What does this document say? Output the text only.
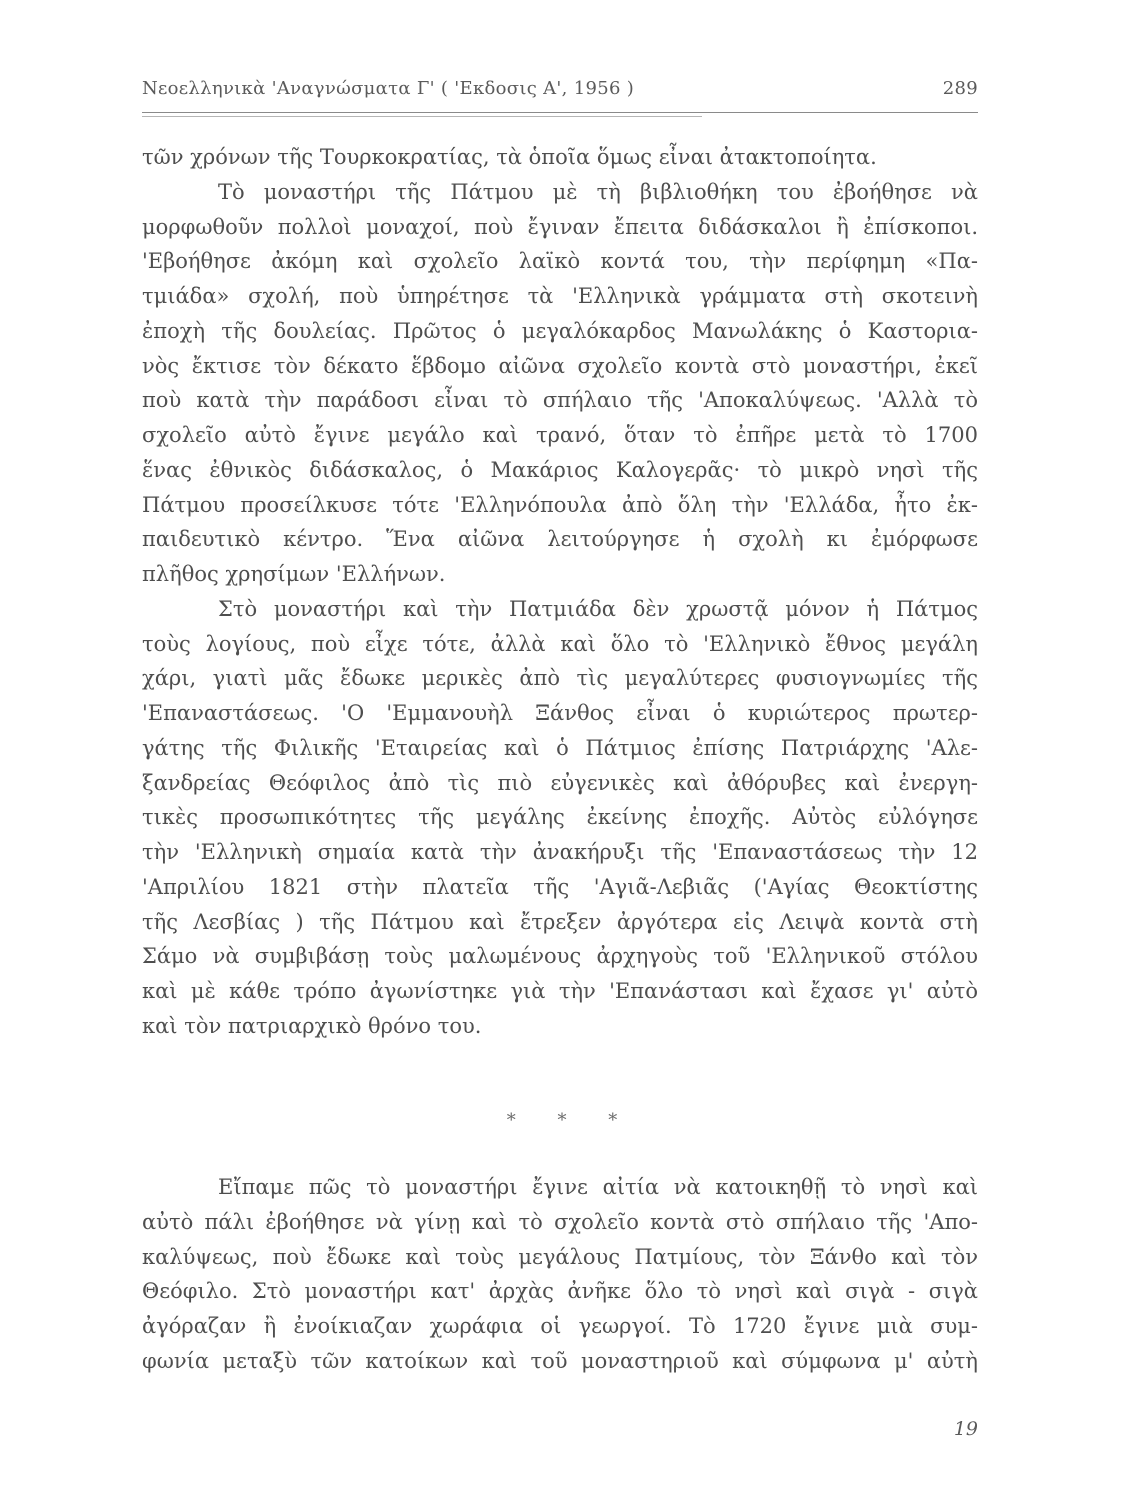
Νεοελληνικὰ 'Αναγνώσματα Γ' ( 'Εκδοσις Α', 1956 )	289
τῶν χρόνων τῆς Τουρκοκρατίας, τὰ ὁποῖα ὅμως εἶναι ἀτακτοποίητα.
Τὸ μοναστήρι τῆς Πάτμου μὲ τὴ βιβλιοθήκη του ἐβοήθησε νὰ
μορφωθοῦν πολλοὶ μοναχοί, ποὺ ἔγιναν ἔπειτα διδάσκαλοι ἢ ἐπίσκοποι.
'Εβοήθησε ἀκόμη καὶ σχολεῖο λαϊκὸ κοντά του, τὴν περίφημη «Πα-
τμιάδα» σχολή, ποὺ ὑπηρέτησε τὰ 'Ελληνικὰ γράμματα στὴ σκοτεινὴ
ἐποχὴ τῆς δουλείας. Πρῶτος ὁ μεγαλόκαρδος Μανωλάκης ὁ Καστορια-
νὸς ἔκτισε τὸν δέκατο ἕβδομο αἰῶνα σχολεῖο κοντὰ στὸ μοναστήρι, ἐκεῖ
ποὺ κατὰ τὴν παράδοσι εἶναι τὸ σπήλαιο τῆς 'Αποκαλύψεως. 'Αλλὰ τὸ
σχολεῖο αὐτὸ ἔγινε μεγάλο καὶ τρανό, ὅταν τὸ ἐπῆρε μετὰ τὸ 1700
ἕνας ἐθνικὸς διδάσκαλος, ὁ Μακάριος Καλογερᾶς· τὸ μικρὸ νησὶ τῆς
Πάτμου προσείλκυσε τότε 'Ελληνόπουλα ἀπὸ ὅλη τὴν 'Ελλάδα, ἦτο ἐκ-
παιδευτικὸ κέντρο. Ἕνα αἰῶνα λειτούργησε ἡ σχολὴ κι ἐμόρφωσε
πλῆθος χρησίμων 'Ελλήνων.
Στὸ μοναστήρι καὶ τὴν Πατμιάδα δὲν χρωστᾷ μόνον ἡ Πάτμος
τοὺς λογίους, ποὺ εἶχε τότε, ἀλλὰ καὶ ὅλο τὸ 'Ελληνικὸ ἔθνος μεγάλη
χάρι, γιατὶ μᾶς ἔδωκε μερικὲς ἀπὸ τὶς μεγαλύτερες φυσιογνωμίες τῆς
'Επαναστάσεως. 'Ο 'Εμμανουὴλ Ξάνθος εἶναι ὁ κυριώτερος πρωτερ-
γάτης τῆς Φιλικῆς 'Εταιρείας καὶ ὁ Πάτμιος ἐπίσης Πατριάρχης 'Αλε-
ξανδρείας Θεόφιλος ἀπὸ τὶς πιὸ εὐγενικὲς καὶ ἀθόρυβες καὶ ἐνεργη-
τικὲς προσωπικότητες τῆς μεγάλης ἐκείνης ἐποχῆς. Αὐτὸς εὐλόγησε
τὴν 'Ελληνικὴ σημαία κατὰ τὴν ἀνακήρυξι τῆς 'Επαναστάσεως τὴν 12
'Απριλίου 1821 στὴν πλατεῖα τῆς 'Αγιᾶ-Λεβιᾶς ('Αγίας Θεοκτίστης
τῆς Λεσβίας ) τῆς Πάτμου καὶ ἔτρεξεν ἀργότερα εἰς Λειψὰ κοντὰ στὴ
Σάμο νὰ συμβιβάσῃ τοὺς μαλωμένους ἀρχηγοὺς τοῦ 'Ελληνικοῦ στόλου
καὶ μὲ κάθε τρόπο ἀγωνίστηκε γιὰ τὴν 'Επανάστασι καὶ ἔχασε γι' αὐτὸ
καὶ τὸν πατριαρχικὸ θρόνο του.
* * *
Εἴπαμε πῶς τὸ μοναστήρι ἔγινε αἰτία νὰ κατοικηθῇ τὸ νησὶ καὶ
αὐτὸ πάλι ἐβοήθησε νὰ γίνῃ καὶ τὸ σχολεῖο κοντὰ στὸ σπήλαιο τῆς 'Απο-
καλύψεως, ποὺ ἔδωκε καὶ τοὺς μεγάλους Πατμίους, τὸν Ξάνθο καὶ τὸν
Θεόφιλο. Στὸ μοναστήρι κατ' ἀρχὰς ἀνῆκε ὅλο τὸ νησὶ καὶ σιγὰ - σιγὰ
ἀγόραζαν ἢ ἐνοίκιαζαν χωράφια οἱ γεωργοί. Τὸ 1720 ἔγινε μιὰ συμ-
φωνία μεταξὺ τῶν κατοίκων καὶ τοῦ μοναστηριοῦ καὶ σύμφωνα μ' αὐτὴ
19
